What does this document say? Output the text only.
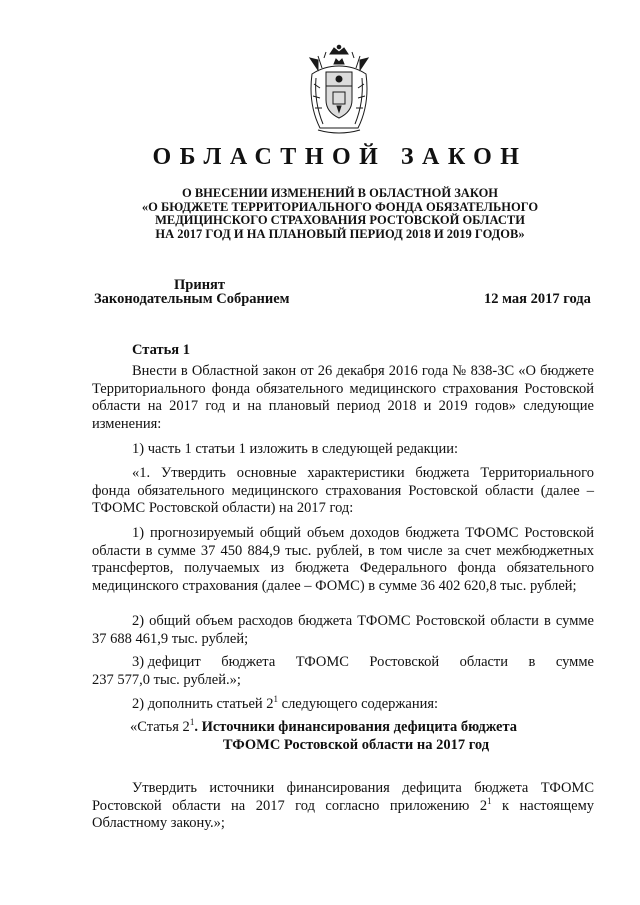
ОБЛАСТНОЙ ЗАКОН
О ВНЕСЕНИИ ИЗМЕНЕНИЙ В ОБЛАСТНОЙ ЗАКОН
«О БЮДЖЕТЕ ТЕРРИТОРИАЛЬНОГО ФОНДА ОБЯЗАТЕЛЬНОГО
МЕДИЦИНСКОГО СТРАХОВАНИЯ РОСТОВСКОЙ ОБЛАСТИ
НА 2017 ГОД И НА ПЛАНОВЫЙ ПЕРИОД 2018 И 2019 ГОДОВ»
Принят
Законодательным Собранием	12 мая 2017 года
Статья 1
Внести в Областной закон от 26 декабря 2016 года № 838-ЗС «О бюджете Территориального фонда обязательного медицинского страхования Ростовской области на 2017 год и на плановый период 2018 и 2019 годов» следующие изменения:
1) часть 1 статьи 1 изложить в следующей редакции:
«1. Утвердить основные характеристики бюджета Территориального фонда обязательного медицинского страхования Ростовской области (далее – ТФОМС Ростовской области) на 2017 год:
1) прогнозируемый общий объем доходов бюджета ТФОМС Ростовской области в сумме 37 450 884,9 тыс. рублей, в том числе за счет межбюджетных трансфертов, получаемых из бюджета Федерального фонда обязательного медицинского страхования (далее – ФОМС) в сумме 36 402 620,8 тыс. рублей;
2) общий объем расходов бюджета ТФОМС Ростовской области в сумме 37 688 461,9 тыс. рублей;
3) дефицит бюджета ТФОМС Ростовской области в сумме
237 577,0 тыс. рублей.»;
2) дополнить статьей $2^1$ следующего содержания:
«Статья $2^1$. Источники финансирования дефицита бюджета
ТФОМС Ростовской области на 2017 год
Утвердить источники финансирования дефицита бюджета ТФОМС Ростовской области на 2017 год согласно приложению $2^1$ к настоящему Областному закону.»;
